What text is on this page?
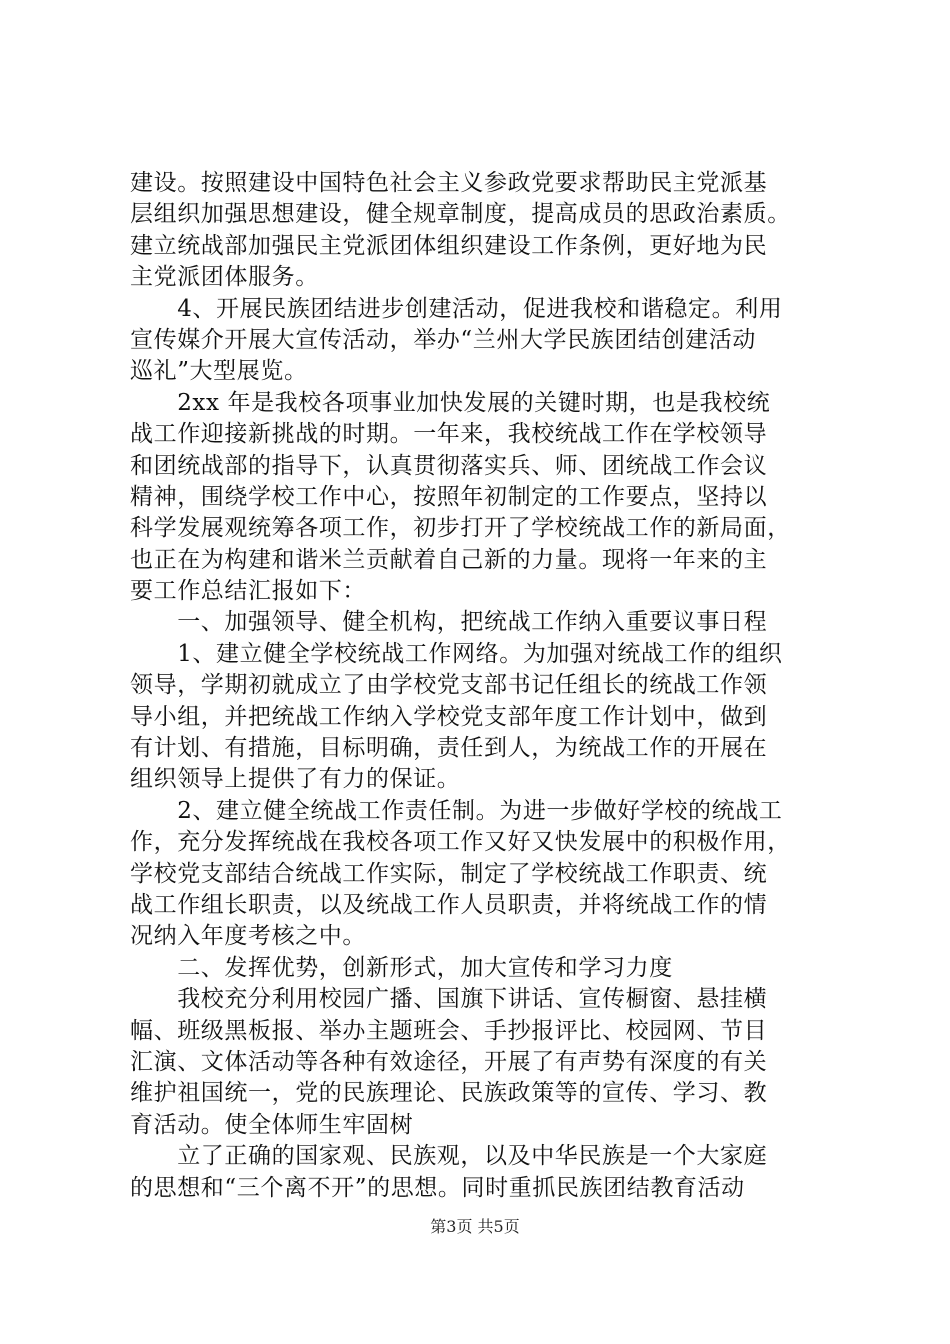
建设。按照建设中国特色社会主义参政党要求帮助民主党派基
层组织加强思想建设，健全规章制度，提高成员的思政治素质。
建立统战部加强民主党派团体组织建设工作条例，更好地为民
主党派团体服务。
　　4、开展民族团结进步创建活动，促进我校和谐稳定。利用
宣传媒介开展大宣传活动，举办“兰州大学民族团结创建活动
巡礼”大型展览。
　　2xx 年是我校各项事业加快发展的关键时期，也是我校统
战工作迎接新挑战的时期。一年来，我校统战工作在学校领导
和团统战部的指导下，认真贯彻落实兵、师、团统战工作会议
精神，围绕学校工作中心，按照年初制定的工作要点，坚持以
科学发展观统筹各项工作，初步打开了学校统战工作的新局面，
也正在为构建和谐米兰贡献着自己新的力量。现将一年来的主
要工作总结汇报如下：
　　一、加强领导、健全机构，把统战工作纳入重要议事日程
　　1、建立健全学校统战工作网络。为加强对统战工作的组织
领导，学期初就成立了由学校党支部书记任组长的统战工作领
导小组，并把统战工作纳入学校党支部年度工作计划中，做到
有计划、有措施，目标明确，责任到人，为统战工作的开展在
组织领导上提供了有力的保证。
　　2、建立健全统战工作责任制。为进一步做好学校的统战工
作，充分发挥统战在我校各项工作又好又快发展中的积极作用，
学校党支部结合统战工作实际，制定了学校统战工作职责、统
战工作组长职责，以及统战工作人员职责，并将统战工作的情
况纳入年度考核之中。
　　二、发挥优势，创新形式，加大宣传和学习力度
　　我校充分利用校园广播、国旗下讲话、宣传橱窗、悬挂横
幅、班级黑板报、举办主题班会、手抄报评比、校园网、节目
汇演、文体活动等各种有效途径，开展了有声势有深度的有关
维护祖国统一，党的民族理论、民族政策等的宣传、学习、教
育活动。使全体师生牢固树
　　立了正确的国家观、民族观，以及中华民族是一个大家庭
的思想和“三个离不开”的思想。同时重抓民族团结教育活动
第3页 共5页
